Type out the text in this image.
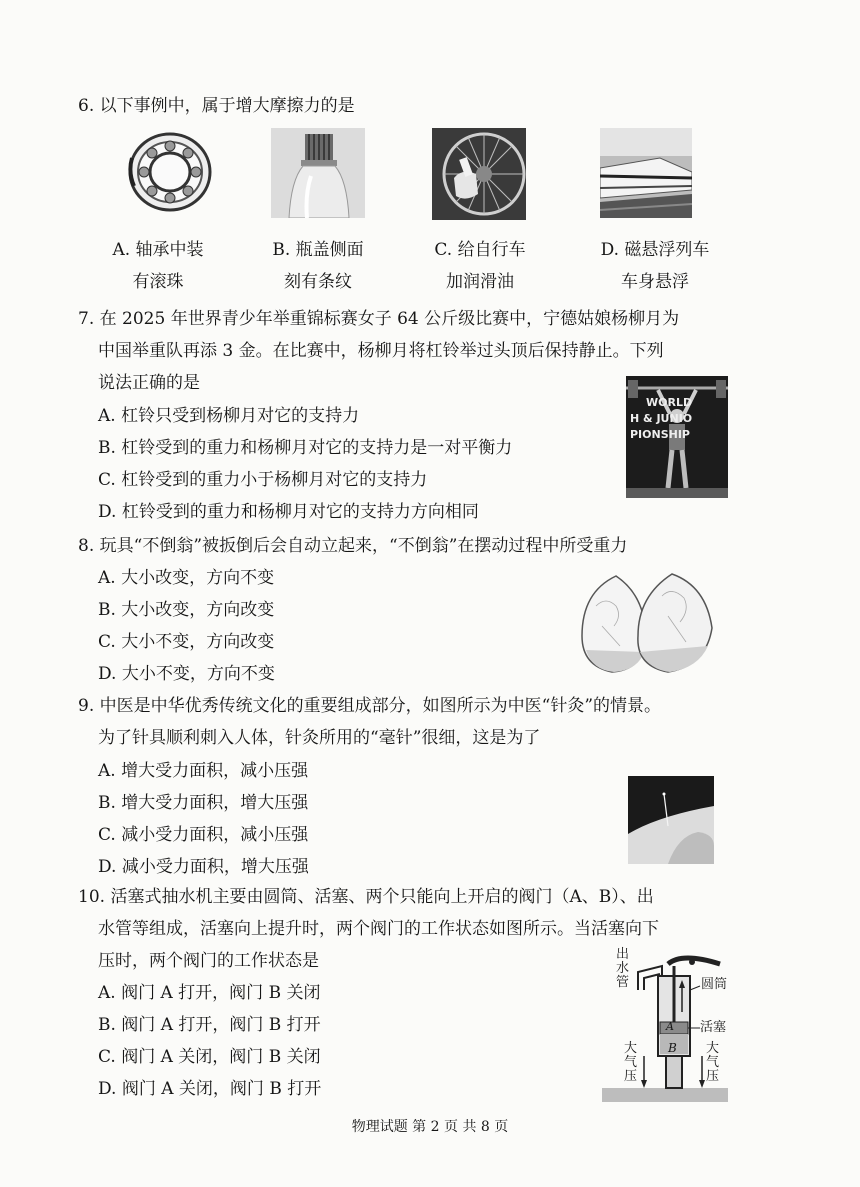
6. 以下事例中，属于增大摩擦力的是
A. 轴承中装
有滚珠
B. 瓶盖侧面
刻有条纹
C. 给自行车
加润滑油
D. 磁悬浮列车
车身悬浮
7. 在 2025 年世界青少年举重锦标赛女子 64 公斤级比赛中，宁德姑娘杨柳月为
中国举重队再添 3 金。在比赛中，杨柳月将杠铃举过头顶后保持静止。下列
说法正确的是
A. 杠铃只受到杨柳月对它的支持力
B. 杠铃受到的重力和杨柳月对它的支持力是一对平衡力
C. 杠铃受到的重力小于杨柳月对它的支持力
D. 杠铃受到的重力和杨柳月对它的支持力方向相同
WORLD
H & JUNIO
PIONSHIP
8. 玩具“不倒翁”被扳倒后会自动立起来，“不倒翁”在摆动过程中所受重力
A. 大小改变，方向不变
B. 大小改变，方向改变
C. 大小不变，方向改变
D. 大小不变，方向不变
9. 中医是中华优秀传统文化的重要组成部分，如图所示为中医“针灸”的情景。
为了针具顺利刺入人体，针灸所用的“毫针”很细，这是为了
A. 增大受力面积，减小压强
B. 增大受力面积，增大压强
C. 减小受力面积，减小压强
D. 减小受力面积，增大压强
10. 活塞式抽水机主要由圆筒、活塞、两个只能向上开启的阀门（A、B）、出
水管等组成，活塞向上提升时，两个阀门的工作状态如图所示。当活塞向下
压时，两个阀门的工作状态是
A. 阀门 A 打开，阀门 B 关闭
B. 阀门 A 打开，阀门 B 打开
C. 阀门 A 关闭，阀门 B 关闭
D. 阀门 A 关闭，阀门 B 打开
出
水
管	圆筒
活塞
A
B
大
气
压
大
气
压
物理试题 第 2 页 共 8 页
